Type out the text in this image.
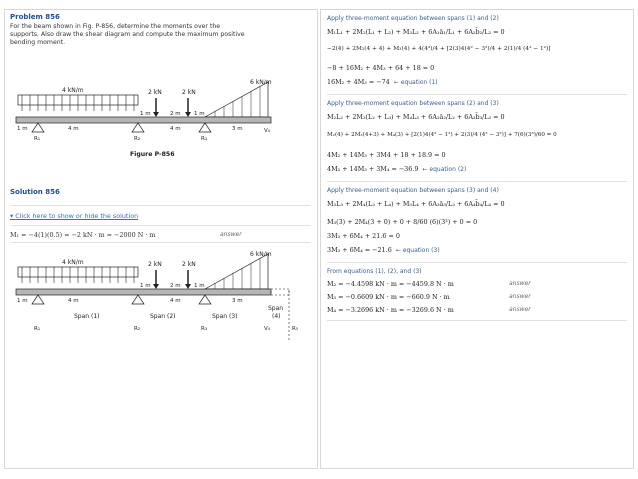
Problem 856
For the beam shown in Fig. P-856, determine the moments over the
supports. Also draw the shear diagram and compute the maximum positive
bending moment.
4 kN/m	2 kN	2 kN
6 kN/m
1 m	2 m 1 m
1 m	4 m	4 m	3 m
R₁	R₂	R₃
V₄
Figure P-856
Solution 856
▾ Click here to show or hide the solution
M₁ = −4(1)(0.5) = −2 kN · m = −2000 N · m	answer
4 kN/m	2 kN	2 kN
6 kN/m
1 m	2 m 1 m
1 m	4 m	4 m	3 m
Span (1)	Span (2)	Span (3)
Span
(4)
R₁	R₂	R₃	V₄	R₅
Apply three-moment equation between spans (1) and (2)
M₁L₁ + 2M₂(L₁ + L₂) + M₃L₂ + 6A₁ā₁/L₁ + 6A₂b̄₂/L₂ = 0
−2(4) + 2M₂(4 + 4) + M₃(4) + 4(4³)/4 + [2(3)4(4² − 3²)/4 + 2(1)/4 (4² − 1²)]
−8 + 16M₂ + 4M₃ + 64 + 18 = 0
16M₂ + 4M₃ = −74 ← equation (1)
Apply three-moment equation between spans (2) and (3)
M₂L₂ + 2M₃(L₂ + L₃) + M₄L₃ + 6A₂ā₂/L₂ + 6A₃b̄₃/L₃ = 0
M₂(4) + 2M₃(4+3) + M₄(3) + [2(1)4(4² − 1²) + 2(3)/4 (4² − 3²)] + 7(6)(3³)/60 = 0
4M₂ + 14M₃ + 3M4 + 18 + 18.9 = 0
4M₂ + 14M₃ + 3M₄ = −36.9 ← equation (2)
Apply three-moment equation between spans (3) and (4)
M₃L₃ + 2M₄(L₃ + L₄) + M₅L₄ + 6A₃ā₃/L₃ + 6A₄b̄₄/L₄ = 0
M₃(3) + 2M₄(3 + 0) + 0 + 8/60 (6)(3³) + 0 = 0
3M₃ + 6M₄ + 21.6 = 0
3M₃ + 6M₄ = −21.6 ← equation (3)
From equations (1), (2), and (3)
M₂ = −4.4598 kN · m = −4459.8 N · m	answer
M₃ = −0.6609 kN · m = −660.9 N · m	answer
M₄ = −3.2696 kN · m = −3269.6 N · m	answer
